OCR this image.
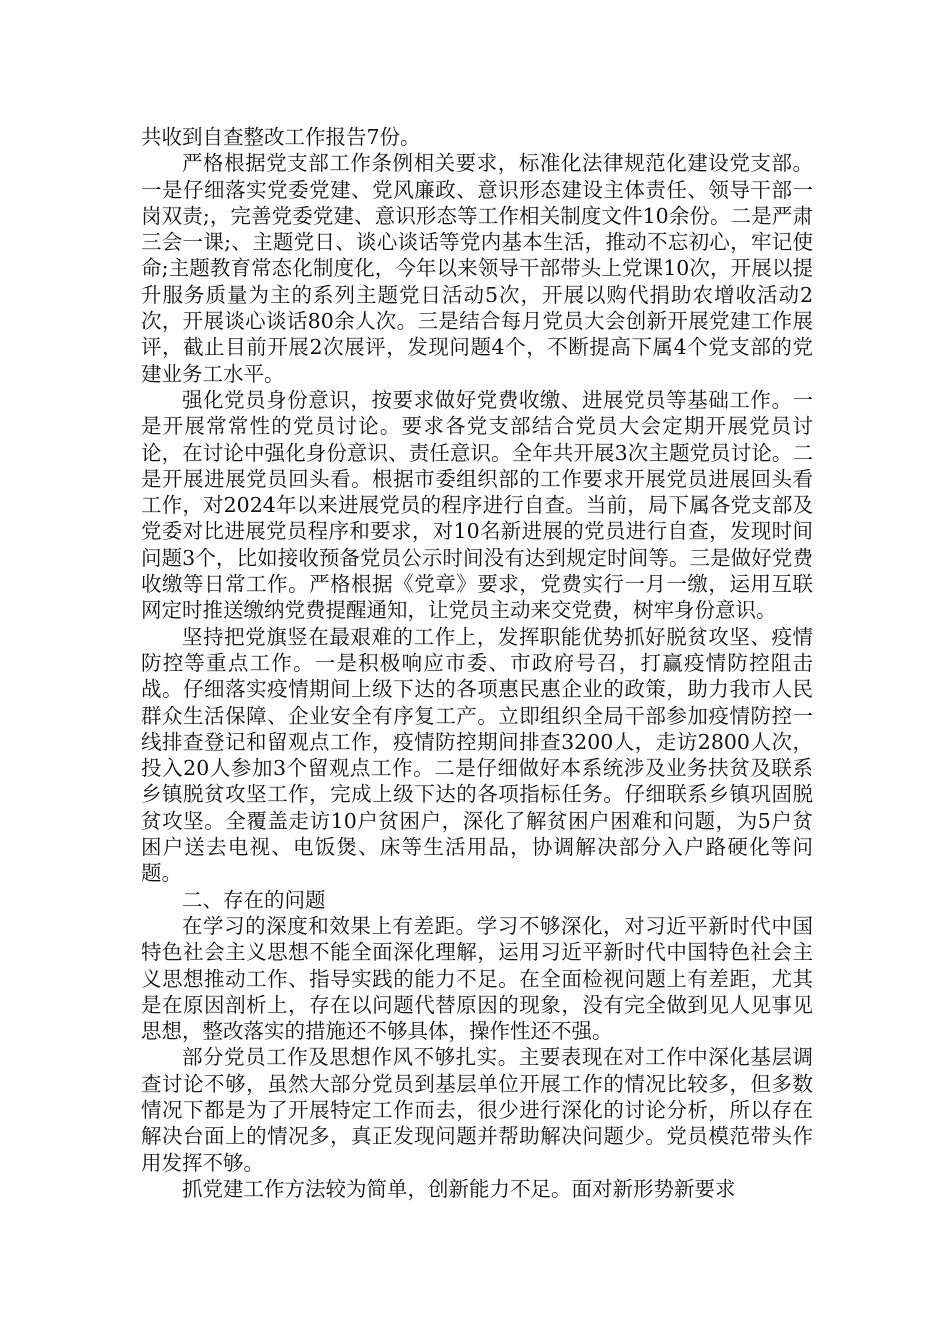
共收到自查整改工作报告7份。

严格根据党支部工作条例相关要求，标准化法律规范化建设党支部。一是仔细落实党委党建、党风廉政、意识形态建设主体责任、领导干部一岗双责;，完善党委党建、意识形态等工作相关制度文件10余份。二是严肃三会一课;、主题党日、谈心谈话等党内基本生活，推动不忘初心，牢记使命;主题教育常态化制度化，今年以来领导干部带头上党课10次，开展以提升服务质量为主的系列主题党日活动5次，开展以购代捐助农增收活动2次，开展谈心谈话80余人次。三是结合每月党员大会创新开展党建工作展评，截止目前开展2次展评，发现问题4个，不断提高下属4个党支部的党建业务工水平。

强化党员身份意识，按要求做好党费收缴、进展党员等基础工作。一是开展常常性的党员讨论。要求各党支部结合党员大会定期开展党员讨论，在讨论中强化身份意识、责任意识。全年共开展3次主题党员讨论。二是开展进展党员回头看。根据市委组织部的工作要求开展党员进展回头看工作，对2024年以来进展党员的程序进行自查。当前，局下属各党支部及党委对比进展党员程序和要求，对10名新进展的党员进行自查，发现时间问题3个，比如接收预备党员公示时间没有达到规定时间等。三是做好党费收缴等日常工作。严格根据《党章》要求，党费实行一月一缴，运用互联网定时推送缴纳党费提醒通知，让党员主动来交党费，树牢身份意识。

坚持把党旗竖在最艰难的工作上，发挥职能优势抓好脱贫攻坚、疫情防控等重点工作。一是积极响应市委、市政府号召，打赢疫情防控阻击战。仔细落实疫情期间上级下达的各项惠民惠企业的政策，助力我市人民群众生活保障、企业安全有序复工产。立即组织全局干部参加疫情防控一线排查登记和留观点工作，疫情防控期间排查3200人，走访2800人次，投入20人参加3个留观点工作。二是仔细做好本系统涉及业务扶贫及联系乡镇脱贫攻坚工作，完成上级下达的各项指标任务。仔细联系乡镇巩固脱贫攻坚。全覆盖走访10户贫困户，深化了解贫困户困难和问题，为5户贫困户送去电视、电饭煲、床等生活用品，协调解决部分入户路硬化等问题。

二、存在的问题

在学习的深度和效果上有差距。学习不够深化，对习近平新时代中国特色社会主义思想不能全面深化理解，运用习近平新时代中国特色社会主义思想推动工作、指导实践的能力不足。在全面检视问题上有差距，尤其是在原因剖析上，存在以问题代替原因的现象，没有完全做到见人见事见思想，整改落实的措施还不够具体，操作性还不强。

部分党员工作及思想作风不够扎实。主要表现在对工作中深化基层调查讨论不够，虽然大部分党员到基层单位开展工作的情况比较多，但多数情况下都是为了开展特定工作而去，很少进行深化的讨论分析，所以存在解决台面上的情况多，真正发现问题并帮助解决问题少。党员模范带头作用发挥不够。

抓党建工作方法较为简单，创新能力不足。面对新形势新要求
